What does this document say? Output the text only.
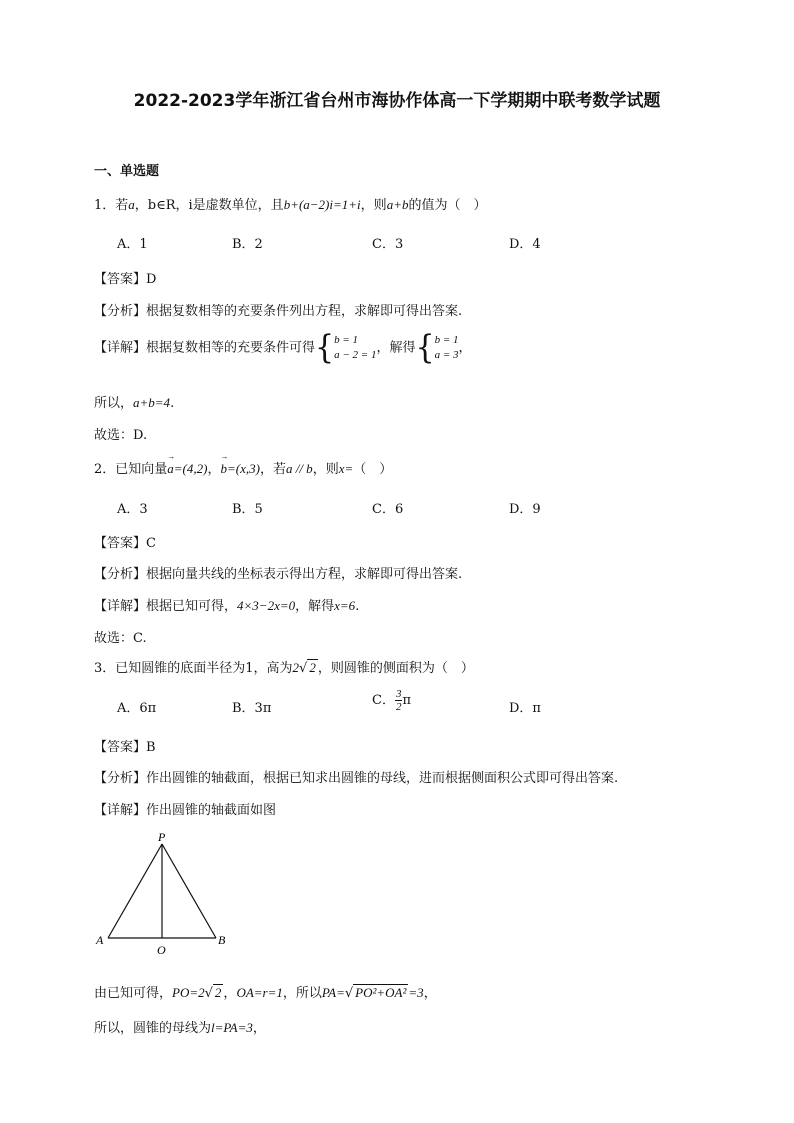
2022-2023学年浙江省台州市海协作体高一下学期期中联考数学试题
一、单选题
1．若a，b∈R，i是虚数单位，且b+(a−2)i=1+i，则a+b的值为（　）
A．1	B．2	C．3	D．4
【答案】D
【分析】根据复数相等的充要条件列出方程，求解即可得出答案.
【详解】根据复数相等的充要条件可得{b = 1
a − 2 = 1，解得{b = 1
a = 3，
所以，a+b=4.
故选：D.
2．已知向量→ a=(4,2)，→ b=(x,3)，若a // b，则x=（　）
A．3	B．5	C．6	D．9
【答案】C
【分析】根据向量共线的坐标表示得出方程，求解即可得出答案.
【详解】根据已知可得，4×3−2x=0，解得x=6.
故选：C.
3．已知圆锥的底面半径为1，高为2√ 2 ，则圆锥的侧面积为（　）
A．6π	B．3π
C． $\frac{3}{2}$ π
D．π
【答案】B
【分析】作出圆锥的轴截面，根据已知求出圆锥的母线，进而根据侧面积公式即可得出答案.
【详解】作出圆锥的轴截面如图
P
A
O
B
由已知可得，PO=2√ 2 ，OA=r=1，所以PA=√ PO²+OA² =3，
所以，圆锥的母线为l=PA=3，
